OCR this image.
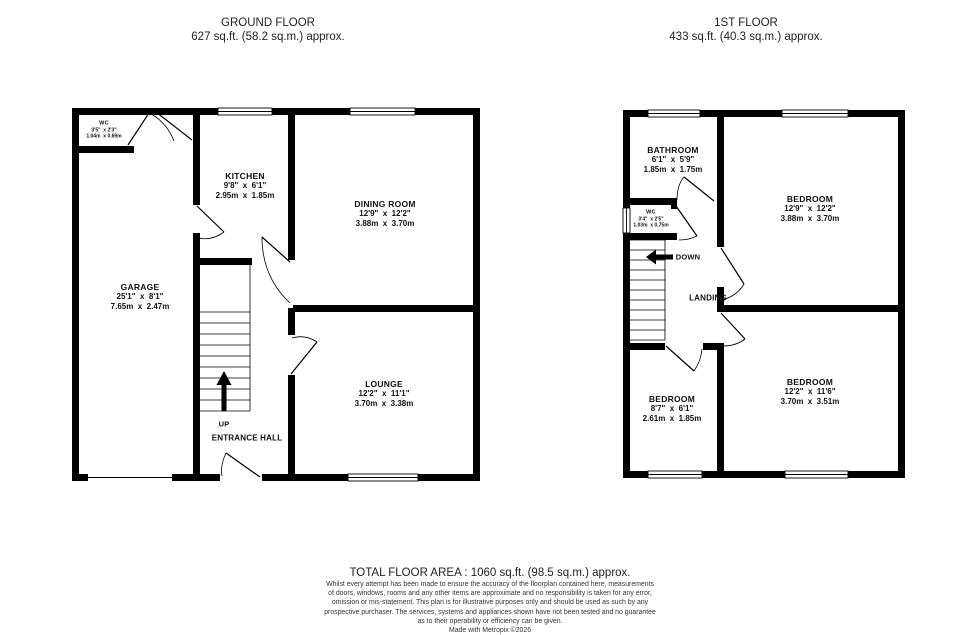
GROUND FLOOR
627 sq.ft. (58.2 sq.m.) approx.
1ST FLOOR
433 sq.ft. (40.3 sq.m.) approx.
WC
3'5"  x 2'3"
1.04m  x 0.69m
KITCHEN
9'8"  x  6'1"
2.95m  x  1.85m
DINING ROOM
12'9"  x  12'2"
3.88m  x  3.70m
GARAGE
25'1"  x  8'1"
7.65m  x  2.47m
LOUNGE
12'2"  x  11'1"
3.70m  x  3.38m
UP
ENTRANCE HALL
BATHROOM
6'1"  x  5'9"
1.85m  x  1.75m
WC
3'4"  x 2'5"
1.03m  x 0.75m
BEDROOM
12'9"  x  12'2"
3.88m  x  3.70m
BEDROOM
8'7"  x  6'1"
2.61m  x  1.85m
BEDROOM
12'2"  x  11'6"
3.70m  x  3.51m
DOWN
LANDING
TOTAL FLOOR AREA : 1060 sq.ft. (98.5 sq.m.) approx.
Whilst every attempt has been made to ensure the accuracy of the floorplan contained here, measurements
of doors, windows, rooms and any other items are approximate and no responsibility is taken for any error,
omission or mis-statement. This plan is for illustrative purposes only and should be used as such by any
prospective purchaser. The services, systems and appliances shown have not been tested and no guarantee
as to their operability or efficiency can be given.
Made with Metropix ©2026
